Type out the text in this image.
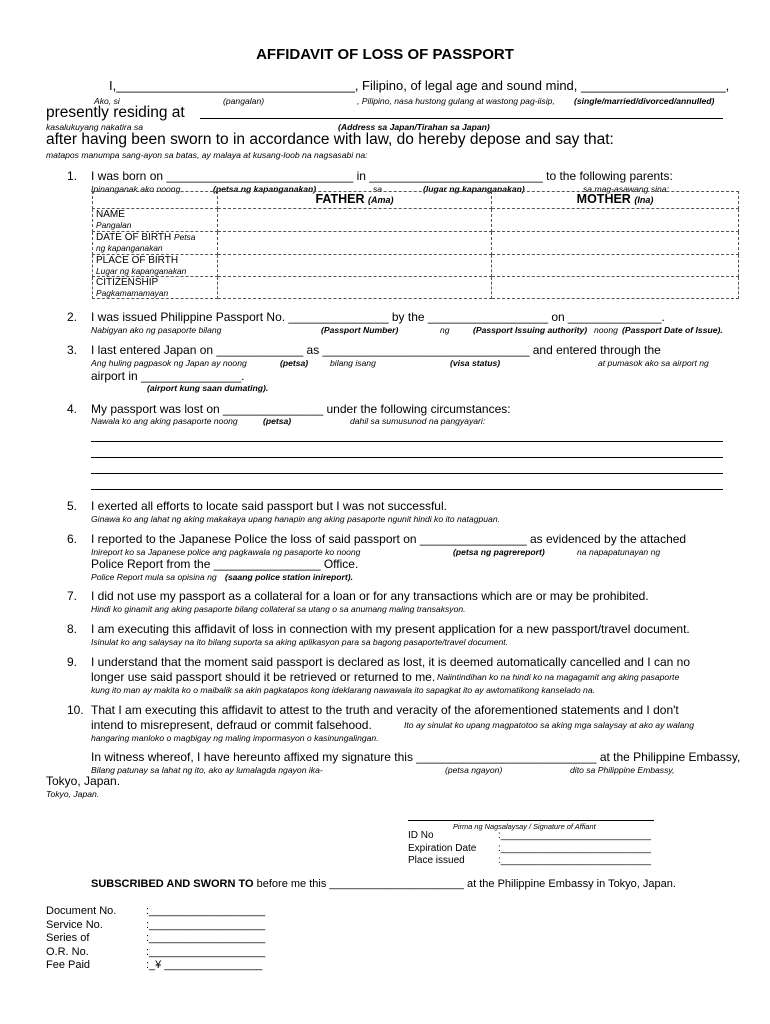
AFFIDAVIT OF LOSS OF PASSPORT
I,_________________________________, Filipino, of legal age and sound mind, ____________________,
Ako, si	(pangalan)	, Pilipino, nasa hustong gulang at wastong pag-iisip, (single/married/divorced/annulled)
presently residing at
kasalukuyang nakatira sa	(Address sa Japan/Tirahan sa Japan)
after having been sworn to in accordance with law, do hereby depose and say that:
matapos manumpa sang-ayon sa batas, ay malaya at kusang-loob na nagsasabi na:
1. I was born on ____________________________ in __________________________ to the following parents:
Ipinanganak ako noong	(petsa ng kapanganakan)	sa	(lugar ng kapanganakan)	sa mag-asawang sina:
	FATHER (Ama)	MOTHER (Ina)

NAME
Pangalan		

DATE OF BIRTH Petsa
ng kapanganakan		

PLACE OF BIRTH
Lugar ng kapanganakan		

CITIZENSHIP
Pagkamamamayan		

2. I was issued Philippine Passport No. _______________ by the __________________ on ______________.
Nabigyan ako ng pasaporte bilang	(Passport Number)	ng	(Passport Issuing authority) noong (Passport Date of Issue).
3. I last entered Japan on _____________ as _______________________________ and entered through the
Ang huling pagpasok ng Japan ay noong	(petsa)	bilang isang	(visa status)	at pumasok ako sa airport ng
airport in _______________.
(airport kung saan dumating).
4. My passport was lost on _______________ under the following circumstances:
Nawala ko ang aking pasaporte noong	(petsa)	dahil sa sumusunod na pangyayari:
5. I exerted all efforts to locate said passport but I was not successful.
Ginawa ko ang lahat ng aking makakaya upang hanapin ang aking pasaporte ngunit hindi ko ito natagpuan.
6. I reported to the Japanese Police the loss of said passport on ________________ as evidenced by the attached
Inireport ko sa Japanese police ang pagkawala ng pasaporte ko noong	(petsa ng pagrereport)	na napapatunayan ng
Police Report from the ________________ Office.
Police Report mula sa opisina ng (saang police station inireport).
7. I did not use my passport as a collateral for a loan or for any transactions which are or may be prohibited.
Hindi ko ginamit ang aking pasaporte bilang collateral sa utang o sa anumang maling transaksyon.
8. I am executing this affidavit of loss in connection with my present application for a new passport/travel document.
Isinulat ko ang salaysay na ito bilang suporta sa aking aplikasyon para sa bagong pasaporte/travel document.
9. I understand that the moment said passport is declared as lost, it is deemed automatically cancelled and I can no
longer use said passport should it be retrieved or returned to me. Naiintindihan ko na hindi ko na magagamit ang aking pasaporte
kung ito man ay makita ko o maibalik sa akin pagkatapos kong ideklarang nawawala ito sapagkat ito ay awtomatikong kanselado na.
10. That I am executing this affidavit to attest to the truth and veracity of the aforementioned statements and I don't
intend to misrepresent, defraud or commit falsehood.	Ito ay sinulat ko upang magpatotoo sa aking mga salaysay at ako ay walang
hangaring manloko o magbigay ng maling impormasyon o kasinungalingan.
In witness whereof, I have hereunto affixed my signature this ___________________________ at the Philippine Embassy,
Bilang patunay sa lahat ng ito, ako ay lumalagda ngayon ika-	(petsa ngayon)	dito sa Philippine Embassy,
Tokyo, Japan.
Tokyo, Japan.
Pirma ng Nagsalaysay / Signature of Affiant
ID No	:___________________________
Expiration Date :___________________________
Place issued	:___________________________
SUBSCRIBED AND SWORN TO before me this ______________________ at the Philippine Embassy in Tokyo, Japan.
Document No.	:___________________
Service No.	:___________________
Series of	:___________________
O.R. No.	:___________________
Fee Paid	:_¥ ________________
